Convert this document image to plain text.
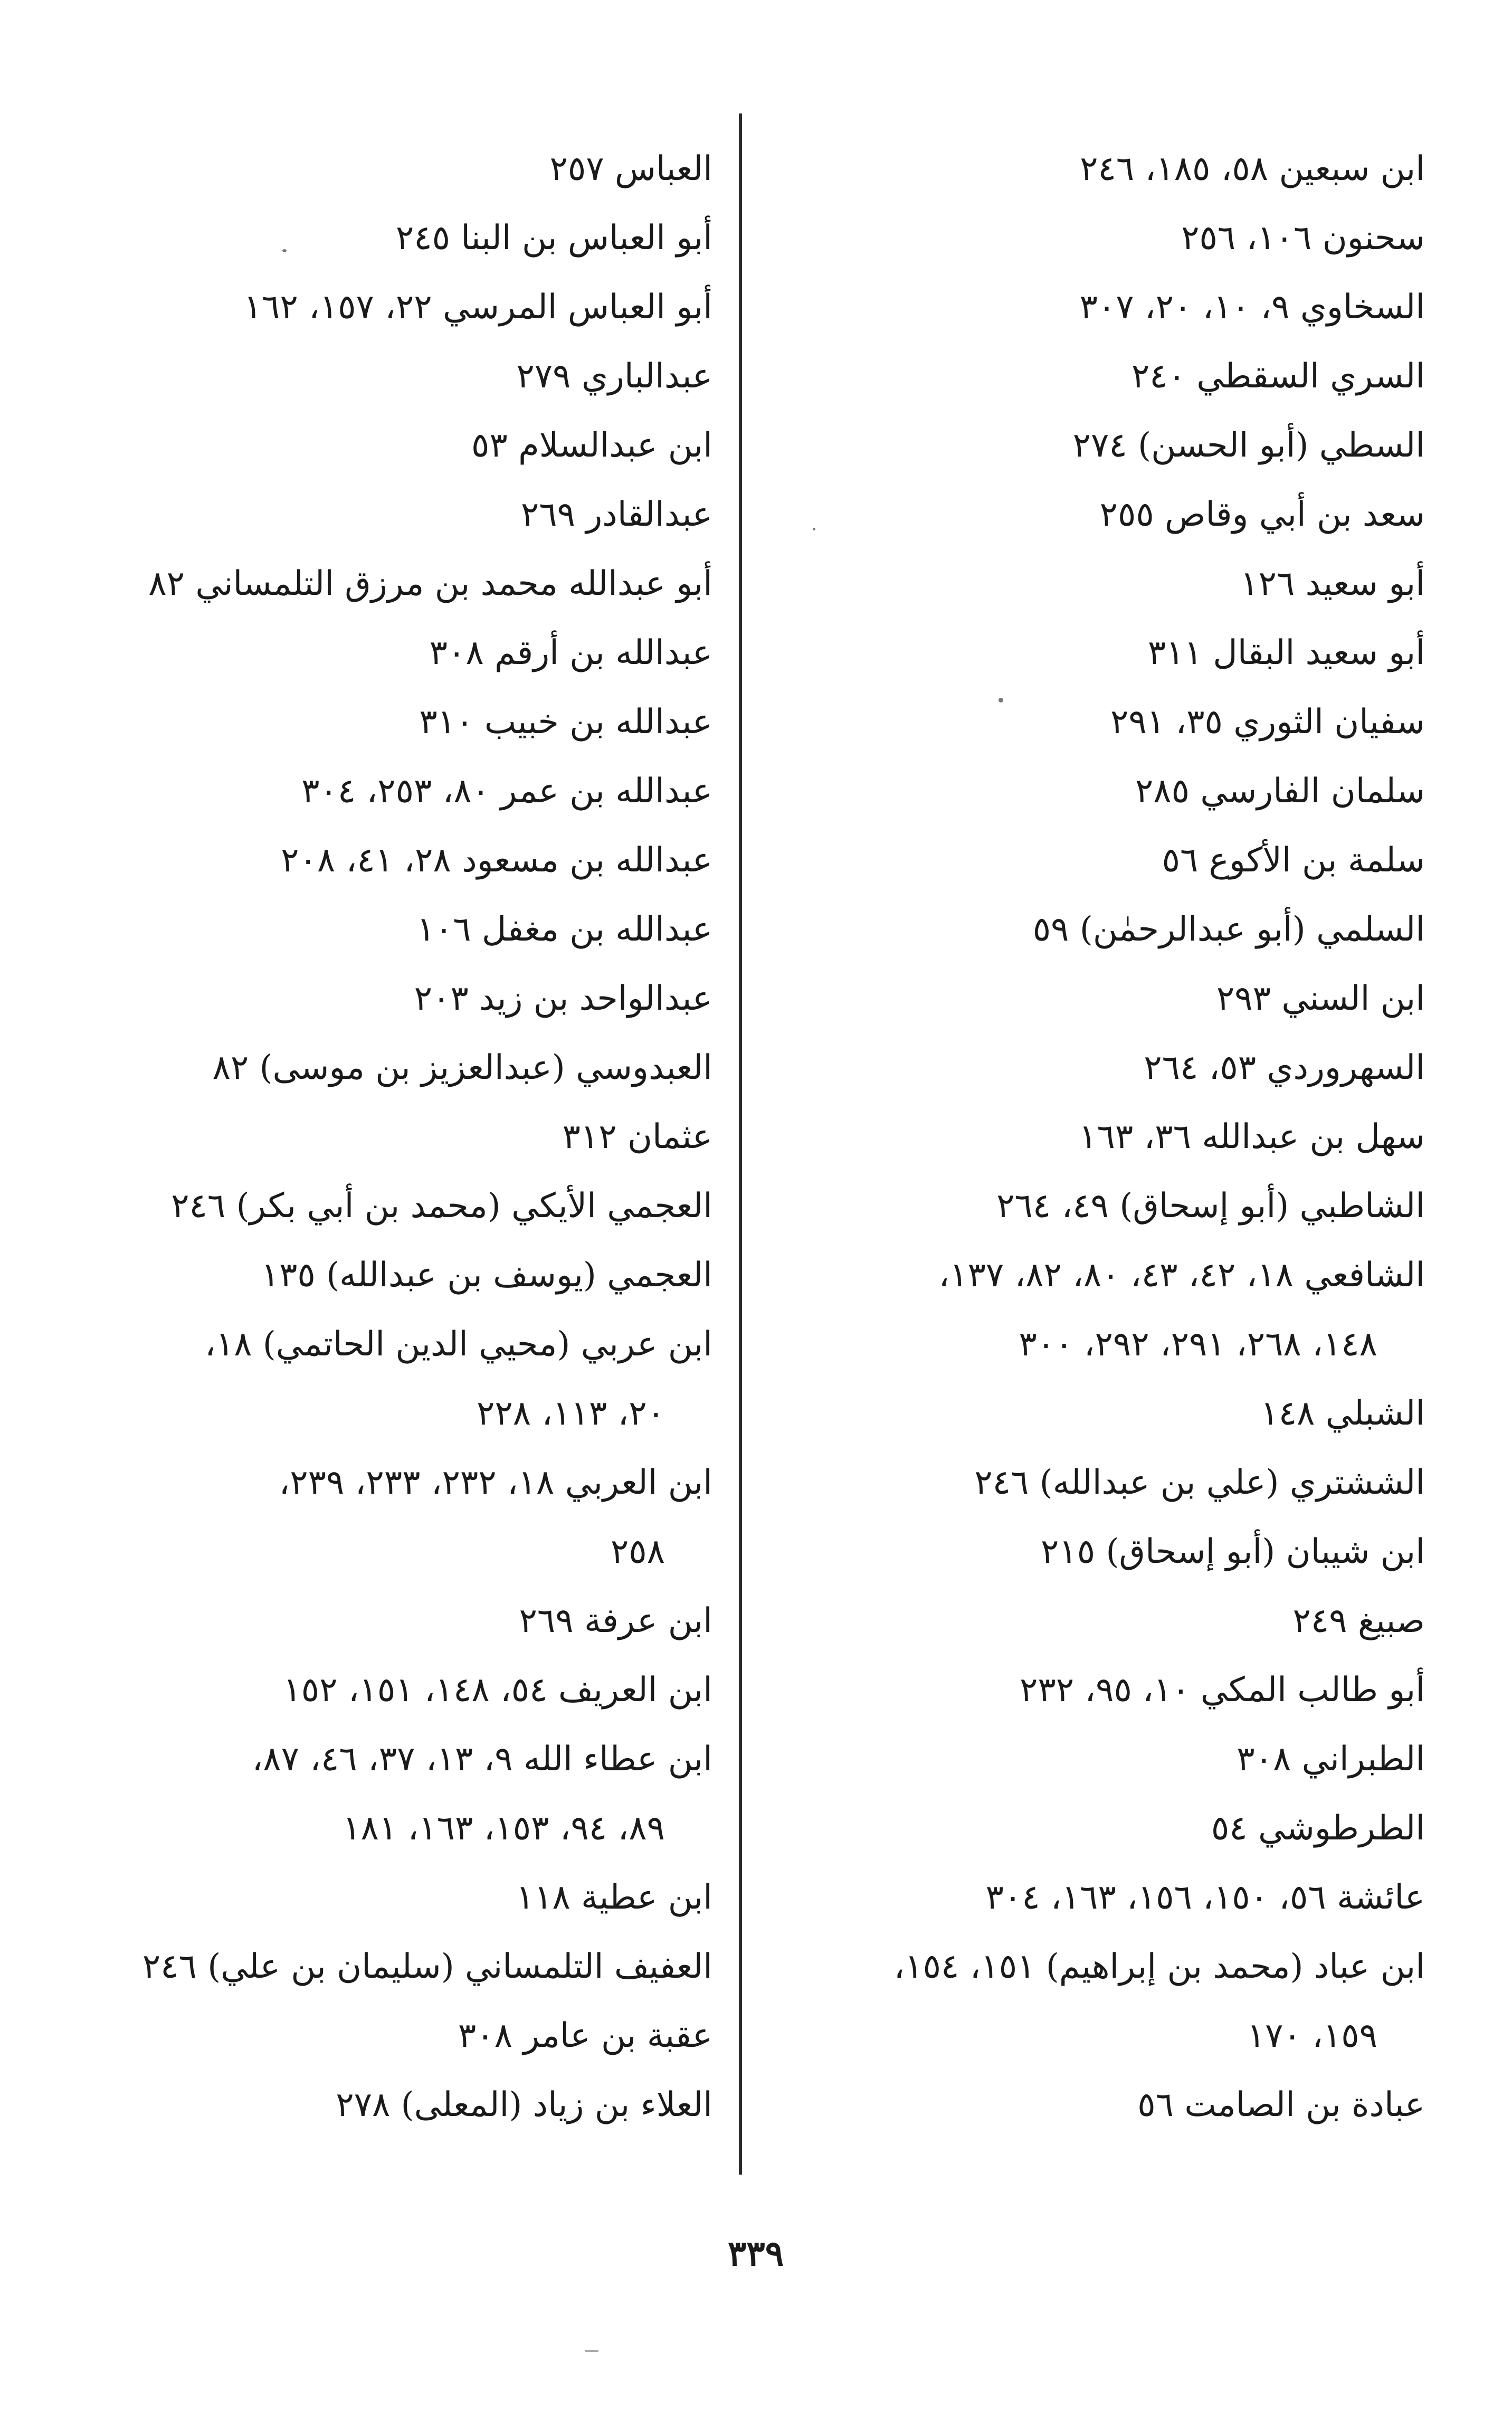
ابن سبعين ٥٨، ١٨٥، ٢٤٦
سحنون ١٠٦، ٢٥٦
السخاوي ٩، ١٠، ٢٠، ٣٠٧
السري السقطي ٢٤٠
السطي (أبو الحسن) ٢٧٤
سعد بن أبي وقاص ٢٥٥
أبو سعيد ١٢٦
أبو سعيد البقال ٣١١
سفيان الثوري ٣٥، ٢٩١
سلمان الفارسي ٢٨٥
سلمة بن الأكوع ٥٦
السلمي (أبو عبدالرحمٰن) ٥٩
ابن السني ٢٩٣
السهروردي ٥٣، ٢٦٤
سهل بن عبدالله ٣٦، ١٦٣
الشاطبي (أبو إسحاق) ٤٩، ٢٦٤
الشافعي ١٨، ٤٢، ٤٣، ٨٠، ٨٢، ١٣٧،
١٤٨، ٢٦٨، ٢٩١، ٢٩٢، ٣٠٠
الشبلي ١٤٨
الششتري (علي بن عبدالله) ٢٤٦
ابن شيبان (أبو إسحاق) ٢١٥
صبيغ ٢٤٩
أبو طالب المكي ١٠، ٩٥، ٢٣٢
الطبراني ٣٠٨
الطرطوشي ٥٤
عائشة ٥٦، ١٥٠، ١٥٦، ١٦٣، ٣٠٤
ابن عباد (محمد بن إبراهيم) ١٥١، ١٥٤،
١٥٩، ١٧٠
عبادة بن الصامت ٥٦
العباس ٢٥٧
أبو العباس بن البنا ٢٤٥
أبو العباس المرسي ٢٢، ١٥٧، ١٦٢
عبدالباري ٢٧٩
ابن عبدالسلام ٥٣
عبدالقادر ٢٦٩
أبو عبدالله محمد بن مرزق التلمساني ٨٢
عبدالله بن أرقم ٣٠٨
عبدالله بن خبيب ٣١٠
عبدالله بن عمر ٨٠، ٢٥٣، ٣٠٤
عبدالله بن مسعود ٢٨، ٤١، ٢٠٨
عبدالله بن مغفل ١٠٦
عبدالواحد بن زيد ٢٠٣
العبدوسي (عبدالعزيز بن موسى) ٨٢
عثمان ٣١٢
العجمي الأيكي (محمد بن أبي بكر) ٢٤٦
العجمي (يوسف بن عبدالله) ١٣٥
ابن عربي (محيي الدين الحاتمي) ١٨،
٢٠، ١١٣، ٢٢٨
ابن العربي ١٨، ٢٣٢، ٢٣٣، ٢٣٩،
٢٥٨
ابن عرفة ٢٦٩
ابن العريف ٥٤، ١٤٨، ١٥١، ١٥٢
ابن عطاء الله ٩، ١٣، ٣٧، ٤٦، ٨٧،
٨٩، ٩٤، ١٥٣، ١٦٣، ١٨١
ابن عطية ١١٨
العفيف التلمساني (سليمان بن علي) ٢٤٦
عقبة بن عامر ٣٠٨
العلاء بن زياد (المعلى) ٢٧٨
٣٣٩
